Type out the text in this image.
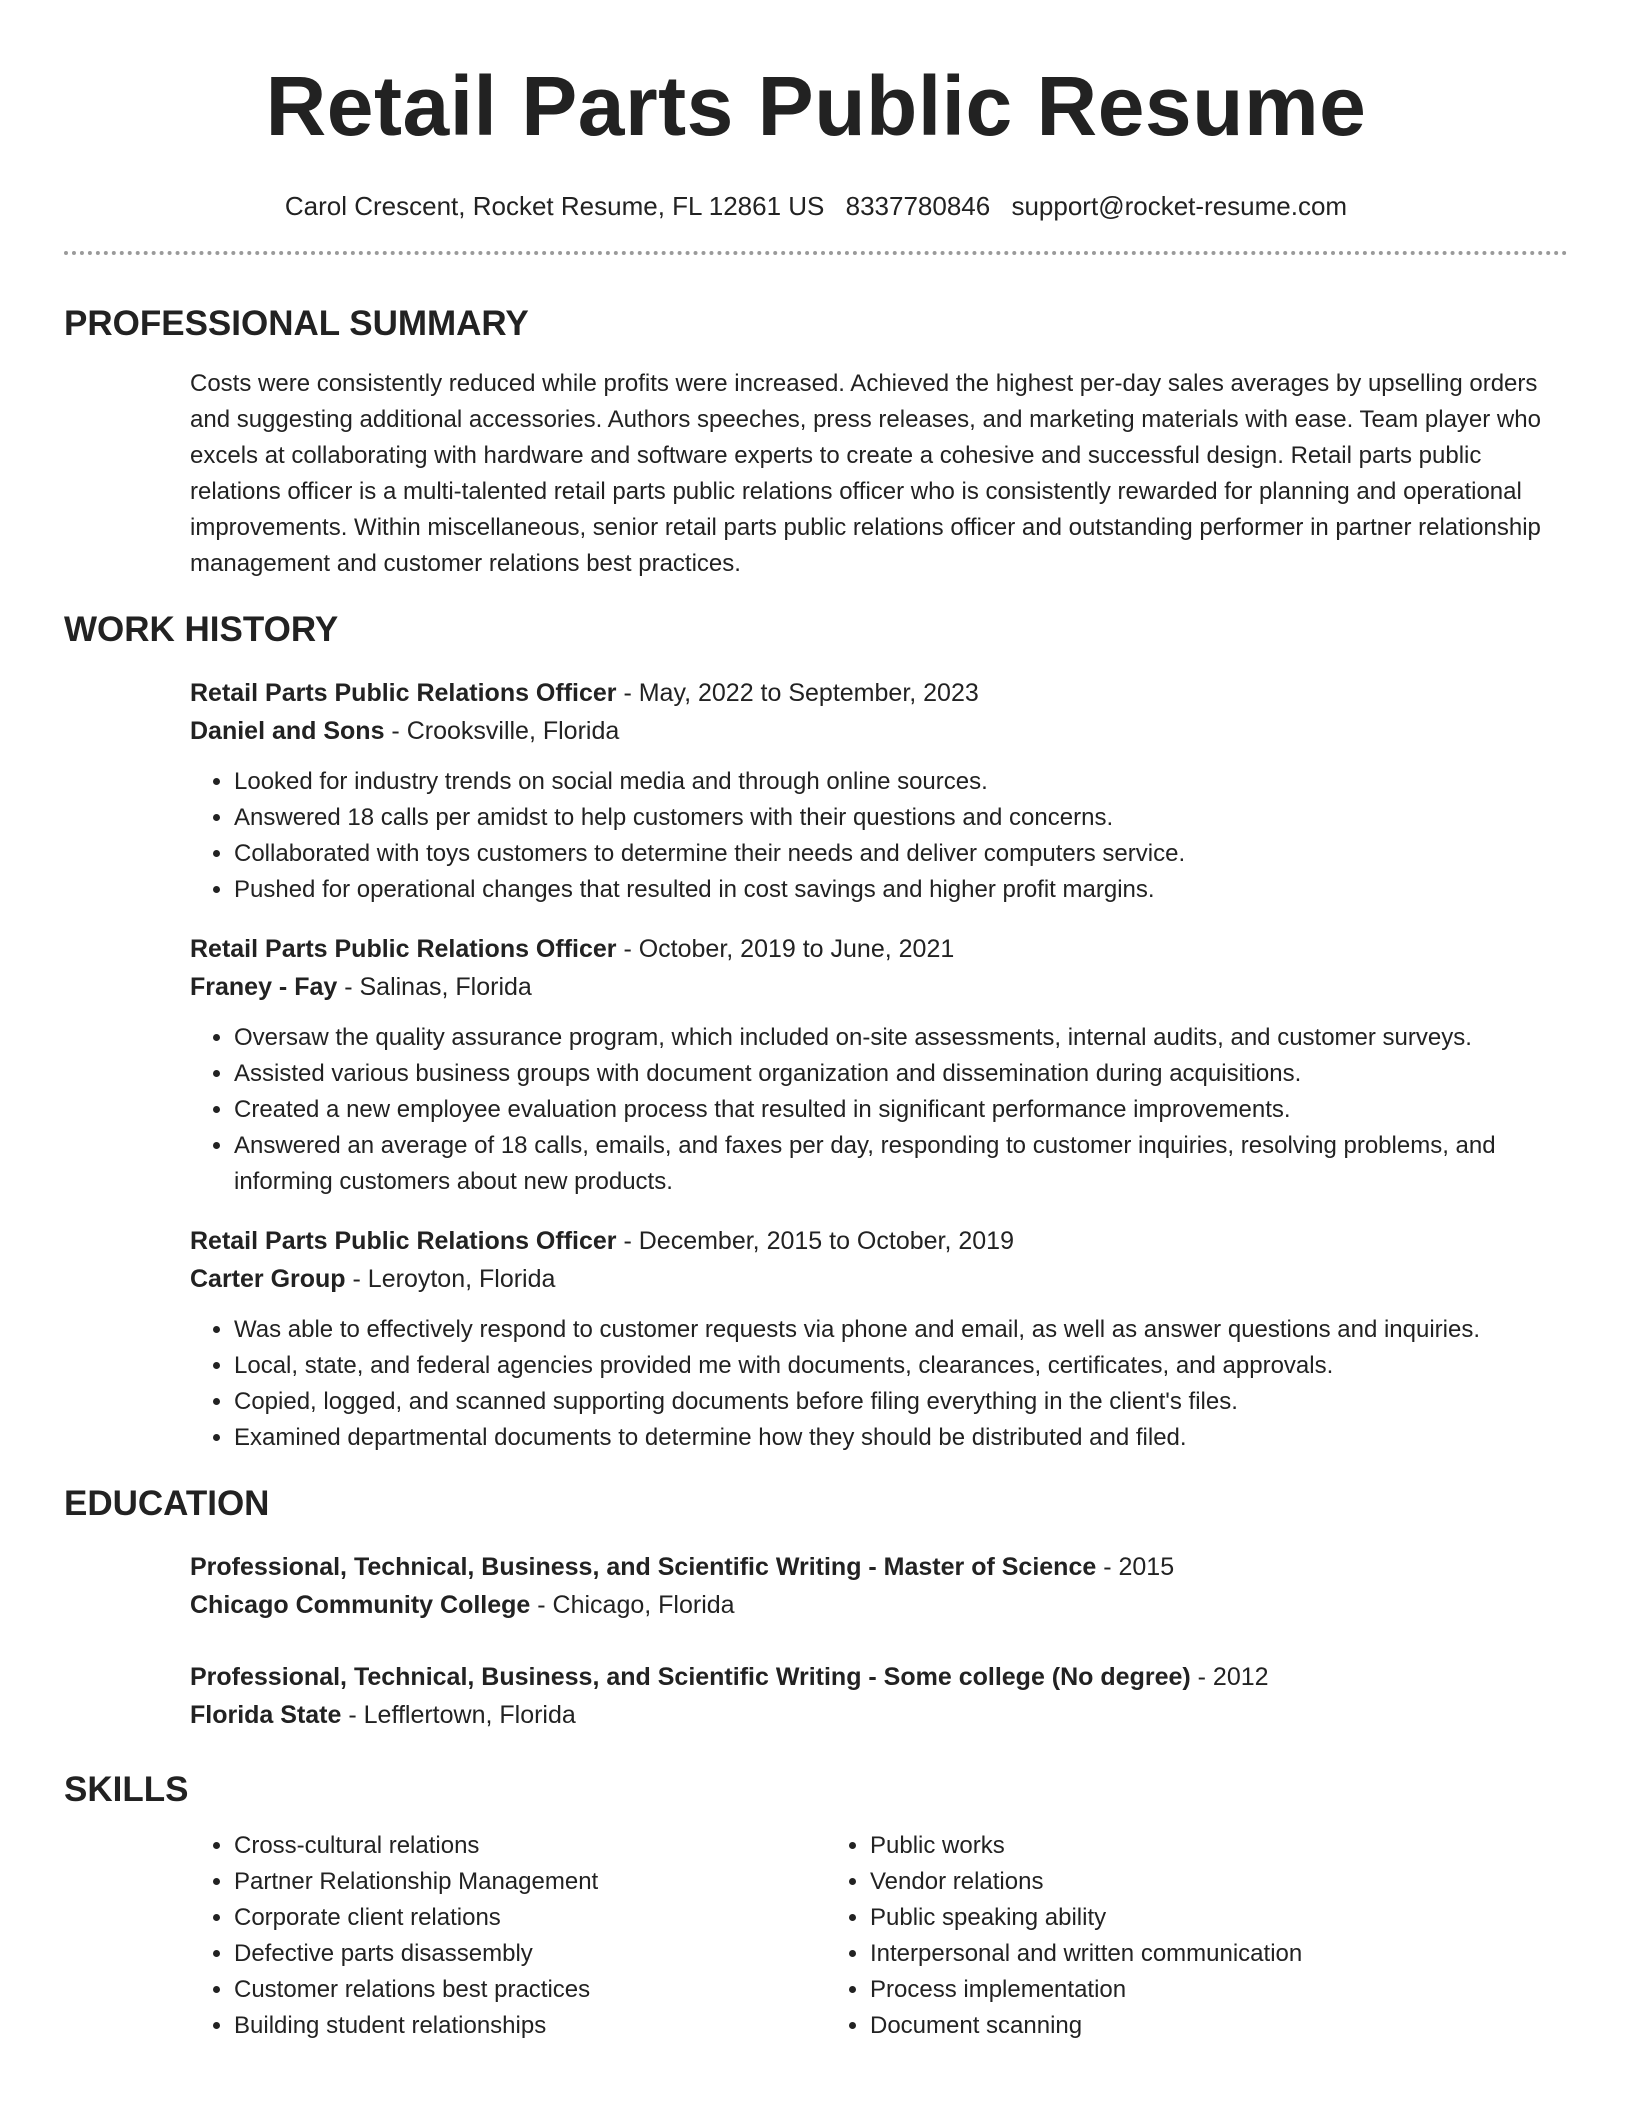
Retail Parts Public Resume
Carol Crescent, Rocket Resume, FL 12861 US 8337780846 support@rocket-resume.com
PROFESSIONAL SUMMARY

Costs were consistently reduced while profits were increased. Achieved the highest per-day sales averages by upselling orders and suggesting additional accessories. Authors speeches, press releases, and marketing materials with ease. Team player who excels at collaborating with hardware and software experts to create a cohesive and successful design. Retail parts public relations officer is a multi-talented retail parts public relations officer who is consistently rewarded for planning and operational improvements. Within miscellaneous, senior retail parts public relations officer and outstanding performer in partner relationship management and customer relations best practices.

WORK HISTORY
Retail Parts Public Relations Officer - May, 2022 to September, 2023
Daniel and Sons - Crooksville, Florida
• Looked for industry trends on social media and through online sources.
• Answered 18 calls per amidst to help customers with their questions and concerns.
• Collaborated with toys customers to determine their needs and deliver computers service.
• Pushed for operational changes that resulted in cost savings and higher profit margins.
Retail Parts Public Relations Officer - October, 2019 to June, 2021
Franey - Fay - Salinas, Florida
• Oversaw the quality assurance program, which included on-site assessments, internal audits, and customer surveys.
• Assisted various business groups with document organization and dissemination during acquisitions.
• Created a new employee evaluation process that resulted in significant performance improvements.
• Answered an average of 18 calls, emails, and faxes per day, responding to customer inquiries, resolving problems, and informing customers about new products.
Retail Parts Public Relations Officer - December, 2015 to October, 2019
Carter Group - Leroyton, Florida
• Was able to effectively respond to customer requests via phone and email, as well as answer questions and inquiries.
• Local, state, and federal agencies provided me with documents, clearances, certificates, and approvals.
• Copied, logged, and scanned supporting documents before filing everything in the client's files.
• Examined departmental documents to determine how they should be distributed and filed.
EDUCATION
Professional, Technical, Business, and Scientific Writing - Master of Science - 2015
Chicago Community College - Chicago, Florida
Professional, Technical, Business, and Scientific Writing - Some college (No degree) - 2012
Florida State - Lefflertown, Florida
SKILLS
• Cross-cultural relations
• Partner Relationship Management
• Corporate client relations
• Defective parts disassembly
• Customer relations best practices
• Building student relationships
• Public works
• Vendor relations
• Public speaking ability
• Interpersonal and written communication
• Process implementation
• Document scanning
